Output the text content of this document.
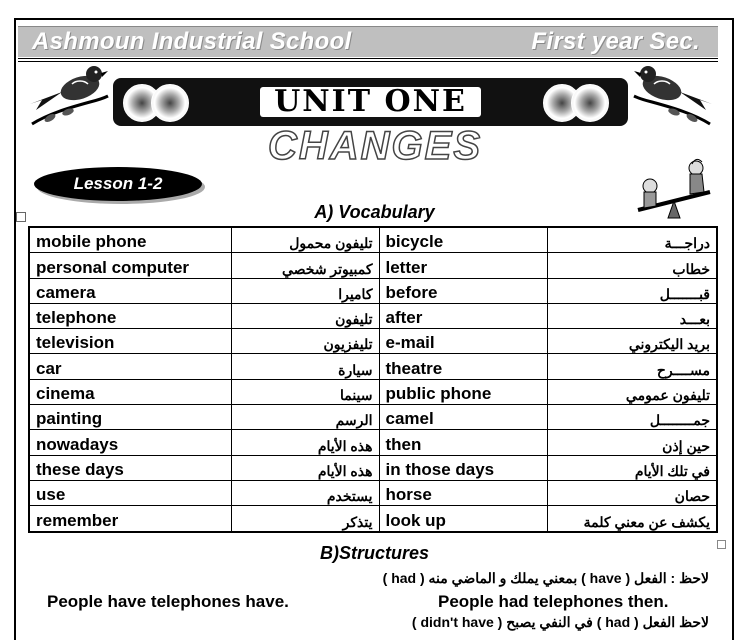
Ashmoun Industrial School	First year Sec.
UNIT ONE
CHANGES
Lesson 1-2
A) Vocabulary
mobile phone	تليفون محمول	bicycle	دراجـــة
personal computer	كمبيوتر شخصي	letter	خطاب
camera	كاميرا	before	قبـــــــل
telephone	تليفون	after	بعـــد
television	تليفزيون	e-mail	بريد اليكتروني
car	سيارة	theatre	مســــرح
cinema	سينما	public phone	تليفون عمومي
painting	الرسم	camel	جمــــــــل
nowadays	هذه الأيام	then	حين إذن
these days	هذه الأيام	in those days	في تلك الأيام
use	يستخدم	horse	حصان
remember	يتذكر	look up	يكشف عن معني كلمة
B)Structures
لاحظ : الفعل ( have ) بمعني يملك و الماضي منه ( had )
People have telephones have.	People had telephones then.
لاحظ الفعل ( had ) في النفي يصبح ( didn't have )
